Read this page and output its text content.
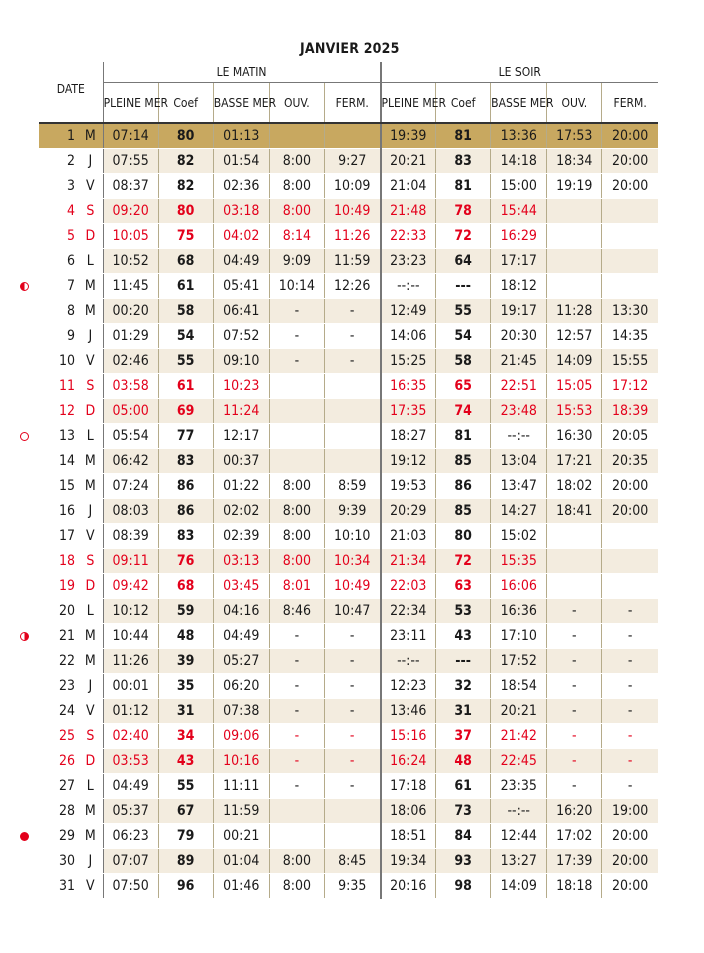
JANVIER 2025
DATE		LE MATIN					LE SOIR				
		PLEINE MER	Coef	BASSE MER	OUV.	FERM.	PLEINE MER	Coef	BASSE MER	OUV.	FERM.
1	M	07:14	80	01:13			19:39	81	13:36	17:53	20:00
2	J	07:55	82	01:54	8:00	9:27	20:21	83	14:18	18:34	20:00
3	V	08:37	82	02:36	8:00	10:09	21:04	81	15:00	19:19	20:00
4	S	09:20	80	03:18	8:00	10:49	21:48	78	15:44		
5	D	10:05	75	04:02	8:14	11:26	22:33	72	16:29		
6	L	10:52	68	04:49	9:09	11:59	23:23	64	17:17		
7	M	11:45	61	05:41	10:14	12:26	--:--	---	18:12		
8	M	00:20	58	06:41	-	-	12:49	55	19:17	11:28	13:30
9	J	01:29	54	07:52	-	-	14:06	54	20:30	12:57	14:35
10	V	02:46	55	09:10	-	-	15:25	58	21:45	14:09	15:55
11	S	03:58	61	10:23			16:35	65	22:51	15:05	17:12
12	D	05:00	69	11:24			17:35	74	23:48	15:53	18:39
13	L	05:54	77	12:17			18:27	81	--:--	16:30	20:05
14	M	06:42	83	00:37			19:12	85	13:04	17:21	20:35
15	M	07:24	86	01:22	8:00	8:59	19:53	86	13:47	18:02	20:00
16	J	08:03	86	02:02	8:00	9:39	20:29	85	14:27	18:41	20:00
17	V	08:39	83	02:39	8:00	10:10	21:03	80	15:02		
18	S	09:11	76	03:13	8:00	10:34	21:34	72	15:35		
19	D	09:42	68	03:45	8:01	10:49	22:03	63	16:06		
20	L	10:12	59	04:16	8:46	10:47	22:34	53	16:36	-	-
21	M	10:44	48	04:49	-	-	23:11	43	17:10	-	-
22	M	11:26	39	05:27	-	-	--:--	---	17:52	-	-
23	J	00:01	35	06:20	-	-	12:23	32	18:54	-	-
24	V	01:12	31	07:38	-	-	13:46	31	20:21	-	-
25	S	02:40	34	09:06	-	-	15:16	37	21:42	-	-
26	D	03:53	43	10:16	-	-	16:24	48	22:45	-	-
27	L	04:49	55	11:11	-	-	17:18	61	23:35	-	-
28	M	05:37	67	11:59			18:06	73	--:--	16:20	19:00
29	M	06:23	79	00:21			18:51	84	12:44	17:02	20:00
30	J	07:07	89	01:04	8:00	8:45	19:34	93	13:27	17:39	20:00
31	V	07:50	96	01:46	8:00	9:35	20:16	98	14:09	18:18	20:00
